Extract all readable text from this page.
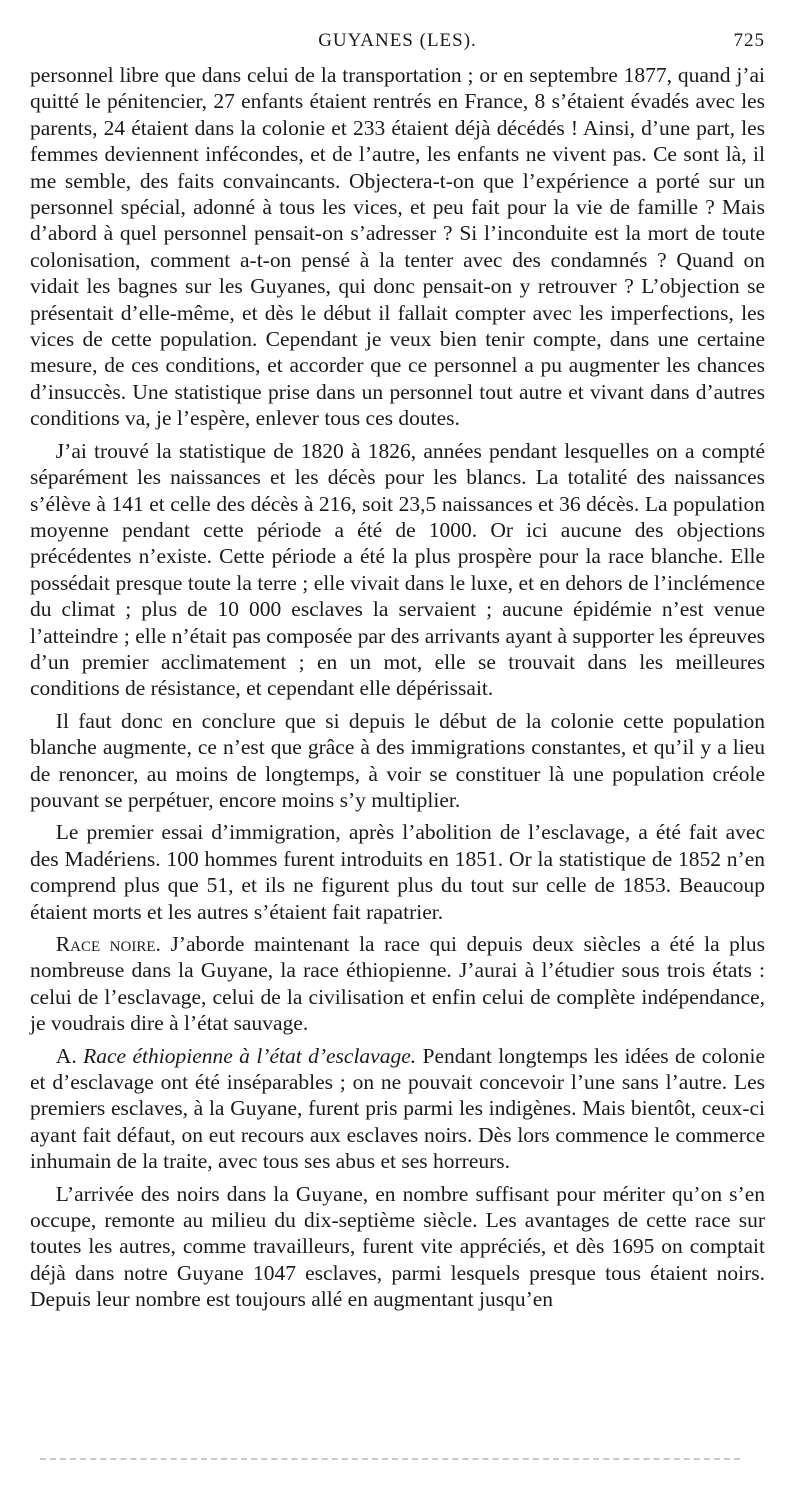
GUYANES (LES).	725

personnel libre que dans celui de la transportation ; or en septembre 1877, quand j’ai quitté le pénitencier, 27 enfants étaient rentrés en France, 8 s’étaient évadés avec les parents, 24 étaient dans la colonie et 233 étaient déjà décédés ! Ainsi, d’une part, les femmes deviennent infécondes, et de l’autre, les enfants ne vivent pas. Ce sont là, il me semble, des faits convaincants. Objectera-t-on que l’expérience a porté sur un personnel spécial, adonné à tous les vices, et peu fait pour la vie de famille ? Mais d’abord à quel personnel pensait-on s’adresser ? Si l’inconduite est la mort de toute colonisation, comment a-t-on pensé à la tenter avec des condamnés ? Quand on vidait les bagnes sur les Guyanes, qui donc pensait-on y retrouver ? L’objection se présentait d’elle-même, et dès le début il fallait compter avec les imperfections, les vices de cette population. Cependant je veux bien tenir compte, dans une certaine mesure, de ces conditions, et accorder que ce personnel a pu augmenter les chances d’insuccès. Une statistique prise dans un personnel tout autre et vivant dans d’autres conditions va, je l’espère, enlever tous ces doutes.

J’ai trouvé la statistique de 1820 à 1826, années pendant lesquelles on a compté séparément les naissances et les décès pour les blancs. La totalité des naissances s’élève à 141 et celle des décès à 216, soit 23,5 naissances et 36 décès. La population moyenne pendant cette période a été de 1000. Or ici aucune des objections précédentes n’existe. Cette période a été la plus prospère pour la race blanche. Elle possédait presque toute la terre ; elle vivait dans le luxe, et en dehors de l’inclémence du climat ; plus de 10 000 esclaves la servaient ; aucune épidémie n’est venue l’atteindre ; elle n’était pas composée par des arrivants ayant à supporter les épreuves d’un premier acclimatement ; en un mot, elle se trouvait dans les meilleures conditions de résistance, et cependant elle dépérissait.

Il faut donc en conclure que si depuis le début de la colonie cette population blanche augmente, ce n’est que grâce à des immigrations constantes, et qu’il y a lieu de renoncer, au moins de longtemps, à voir se constituer là une population créole pouvant se perpétuer, encore moins s’y multiplier.

Le premier essai d’immigration, après l’abolition de l’esclavage, a été fait avec des Madériens. 100 hommes furent introduits en 1851. Or la statistique de 1852 n’en comprend plus que 51, et ils ne figurent plus du tout sur celle de 1853. Beaucoup étaient morts et les autres s’étaient fait rapatrier.

Race noire. J’aborde maintenant la race qui depuis deux siècles a été la plus nombreuse dans la Guyane, la race éthiopienne. J’aurai à l’étudier sous trois états : celui de l’esclavage, celui de la civilisation et enfin celui de complète indépendance, je voudrais dire à l’état sauvage.

A. Race éthiopienne à l’état d’esclavage. Pendant longtemps les idées de colonie et d’esclavage ont été inséparables ; on ne pouvait concevoir l’une sans l’autre. Les premiers esclaves, à la Guyane, furent pris parmi les indigènes. Mais bientôt, ceux-ci ayant fait défaut, on eut recours aux esclaves noirs. Dès lors commence le commerce inhumain de la traite, avec tous ses abus et ses horreurs.

L’arrivée des noirs dans la Guyane, en nombre suffisant pour mériter qu’on s’en occupe, remonte au milieu du dix-septième siècle. Les avantages de cette race sur toutes les autres, comme travailleurs, furent vite appréciés, et dès 1695 on comptait déjà dans notre Guyane 1047 esclaves, parmi lesquels presque tous étaient noirs. Depuis leur nombre est toujours allé en augmentant jusqu’en
